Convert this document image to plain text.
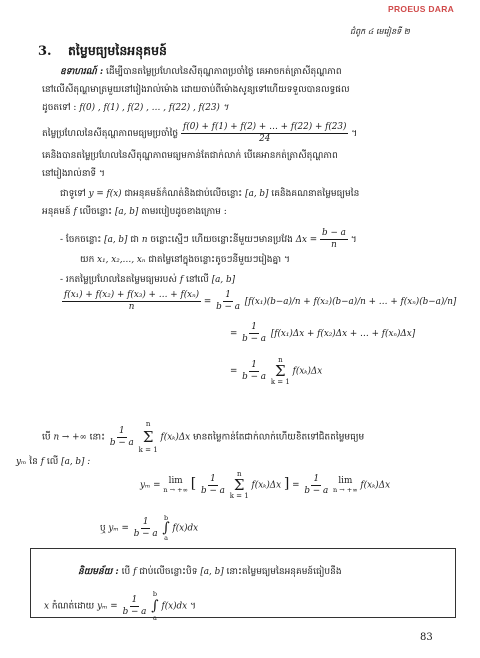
PROEUS DARA
ជំពូក ៤ មេរៀនទី ២
3. តម្លៃមធ្យមនៃអនុគមន៍
ឧទាហរណ៍ : ដើម្បីបានតម្លៃប្រហែលនៃសីតុណ្ហភាពប្រចាំថ្ងៃ គេអាចកត់ត្រាសីតុណ្ហភាព
នៅលើសីតុណ្ហមាត្រមួយនៅរៀងរាល់ម៉ោង ដោយចាប់ពីម៉ោងសូន្យទៅហើយទទួលបានលទ្ធផល
ដូចតទៅ : f(0) , f(1) , f(2) , … , f(22) , f(23) ។
តម្លៃប្រហែលនៃសីតុណ្ហភាពមធ្យមប្រចាំថ្ងៃ $\frac{f(0) + f(1) + f(2) + \dots + f(22) + f(23)}{24}$ ។
គេនិងបានតម្លៃប្រហែលនៃសីតុណ្ហភាពមធ្យមកាន់តែជាក់លាក់ បើគេអានកត់ត្រាសីតុណ្ហភាព
នៅរៀងរាល់នាទី ។
ជាទូទៅ y = f(x) ជាអនុគមន៍កំណត់និងជាប់លើចន្លោះ [a, b] គេនិងគណនាតម្លៃមធ្យមនៃ
អនុគមន៍ f លើចន្លោះ [a, b] តាមរបៀបដូចខាងក្រោម :
- ចែកចន្លោះ [a, b] ជា n ចន្លោះស្មើៗ ហើយចន្លោះនីមួយៗមានប្រវែង $\Delta x = \frac{b - a}{n}$ ។
យក x₁, x₂,…, xₙ ជាតម្លៃនៅក្នុងចន្លោះតូចៗនីមួយៗរៀងគ្នា ។
- រកតម្លៃប្រហែលនៃតម្លៃមធ្យមរបស់ f នៅលើ [a, b]
$\frac{\text{f(x₁) + f(x₂) + f(x₃) + … + f(xₙ)}}{n} = \frac{1}{b - a} [f(x_1)(b-a)/n + f(x_2)(b-a)/n$ + … + f(xₙ)(b−a)/n]
= $\frac{1}{b - a} [f(x_1)\Delta x + f(x_2)\Delta x$ + … + f(xₙ)Δx]
= $\frac{1}{b - a}$
n
Σ
k = 1
f(xₖ)Δx
បើ n → +∞ នោះ $\frac{1}{b - a}$

n
Σ
k = 1
f(xₖ)Δx មានតម្លៃកាន់តែជាក់លាក់ហើយខិតទៅជិតតម្លៃមធ្យម
yₘ នៃ f លើ [a, b] :
yₘ = lim
n → +∞ [ $\frac{1}{b - a}$
n
Σ
k = 1
f(xₖ)Δx ] = $\frac{1}{b - a}$
lim
n → +∞ f(xₖ)Δx
ឬ $y_m = \frac{1}{b - a}$
b
∫
a
f(x)dx
និយមន័យ : បើ f ជាប់លើចន្លោះបិទ [a, b] នោះតម្លៃមធ្យមនៃអនុគមន៍ធៀបនឹង
x កំណត់ដោយ $y_m = \frac{1}{b - a}$

b
∫
a
f(x)dx ។
83
